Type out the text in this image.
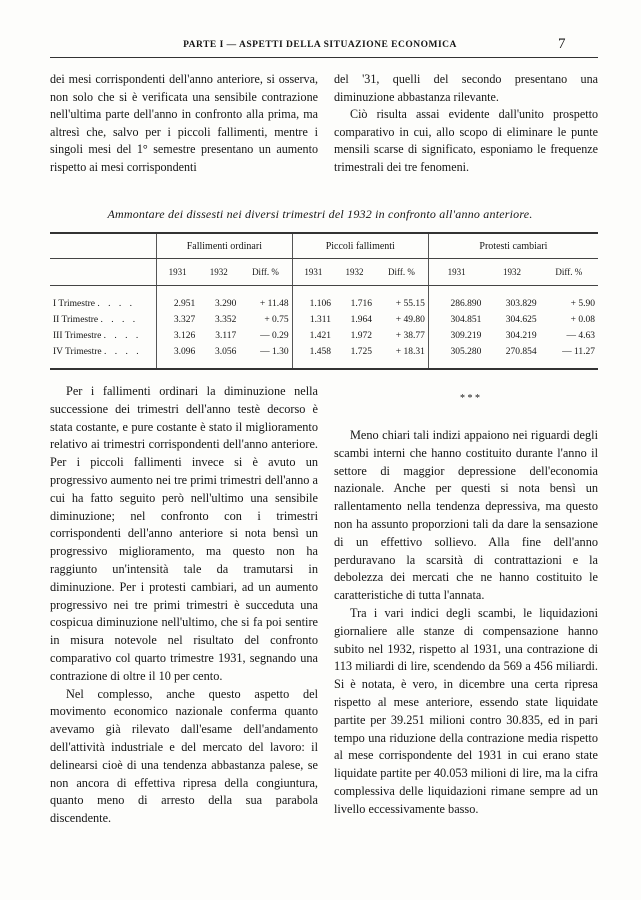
PARTE I — ASPETTI DELLA SITUAZIONE ECONOMICA	7

dei mesi corrispondenti dell'anno anteriore, si osserva, non solo che si è verificata una sensibile contrazione nell'ultima parte dell'anno in confronto alla prima, ma altresì che, salvo per i piccoli fallimenti, mentre i singoli mesi del 1° semestre presentano un aumento rispetto ai mesi corrispondenti

del '31, quelli del secondo presentano una diminuzione abbastanza rilevante.

Ciò risulta assai evidente dall'unito prospetto comparativo in cui, allo scopo di eliminare le punte mensili scarse di significato, esponiamo le frequenze trimestrali dei tre fenomeni.

Ammontare dei dissesti nei diversi trimestri del 1932 in confronto all'anno anteriore.
	Fallimenti ordinari			Piccoli fallimenti			Protesti cambiari		
	1931	1932	Diff. %	1931	1932	Diff. %	1931	1932	Diff. %
I Trimestre . . . .	2.951	3.290	+ 11.48	1.106	1.716	+ 55.15	286.890	303.829	+ 5.90
II Trimestre . . . .	3.327	3.352	+ 0.75	1.311	1.964	+ 49.80	304.851	304.625	+ 0.08
III Trimestre . . . .	3.126	3.117	— 0.29	1.421	1.972	+ 38.77	309.219	304.219	— 4.63
IV Trimestre . . . .	3.096	3.056	— 1.30	1.458	1.725	+ 18.31	305.280	270.854	— 11.27

Per i fallimenti ordinari la diminuzione nella successione dei trimestri dell'anno testè decorso è stata costante, e pure costante è stato il miglioramento relativo ai trimestri corrispondenti dell'anno anteriore. Per i piccoli fallimenti invece si è avuto un progressivo aumento nei tre primi trimestri dell'anno a cui ha fatto seguito però nell'ultimo una sensibile diminuzione; nel confronto con i trimestri corrispondenti dell'anno anteriore si nota bensì un progressivo miglioramento, ma questo non ha raggiunto un'intensità tale da tramutarsi in diminuzione. Per i protesti cambiari, ad un aumento progressivo nei tre primi trimestri è succeduta una cospicua diminuzione nell'ultimo, che si fa poi sentire in misura notevole nel risultato del confronto comparativo col quarto trimestre 1931, segnando una contrazione di oltre il 10 per cento.

Nel complesso, anche questo aspetto del movimento economico nazionale conferma quanto avevamo già rilevato dall'esame dell'andamento dell'attività industriale e del mercato del lavoro: il delinearsi cioè di una tendenza abbastanza palese, se non ancora di effettiva ripresa della congiuntura, quanto meno di arresto della sua parabola discendente.

* * *

Meno chiari tali indizi appaiono nei riguardi degli scambi interni che hanno costituito durante l'anno il settore di maggior depressione dell'economia nazionale. Anche per questi si nota bensì un rallentamento nella tendenza depressiva, ma questo non ha assunto proporzioni tali da dare la sensazione di un effettivo sollievo. Alla fine dell'anno perduravano la scarsità di contrattazioni e la debolezza dei mercati che ne hanno costituito le caratteristiche di tutta l'annata.

Tra i vari indici degli scambi, le liquidazioni giornaliere alle stanze di compensazione hanno subito nel 1932, rispetto al 1931, una contrazione di 113 miliardi di lire, scendendo da 569 a 456 miliardi. Si è notata, è vero, in dicembre una certa ripresa rispetto al mese anteriore, essendo state liquidate partite per 39.251 milioni contro 30.835, ed in pari tempo una riduzione della contrazione media rispetto al mese corrispondente del 1931 in cui erano state liquidate partite per 40.053 milioni di lire, ma la cifra complessiva delle liquidazioni rimane sempre ad un livello eccessivamente basso.
